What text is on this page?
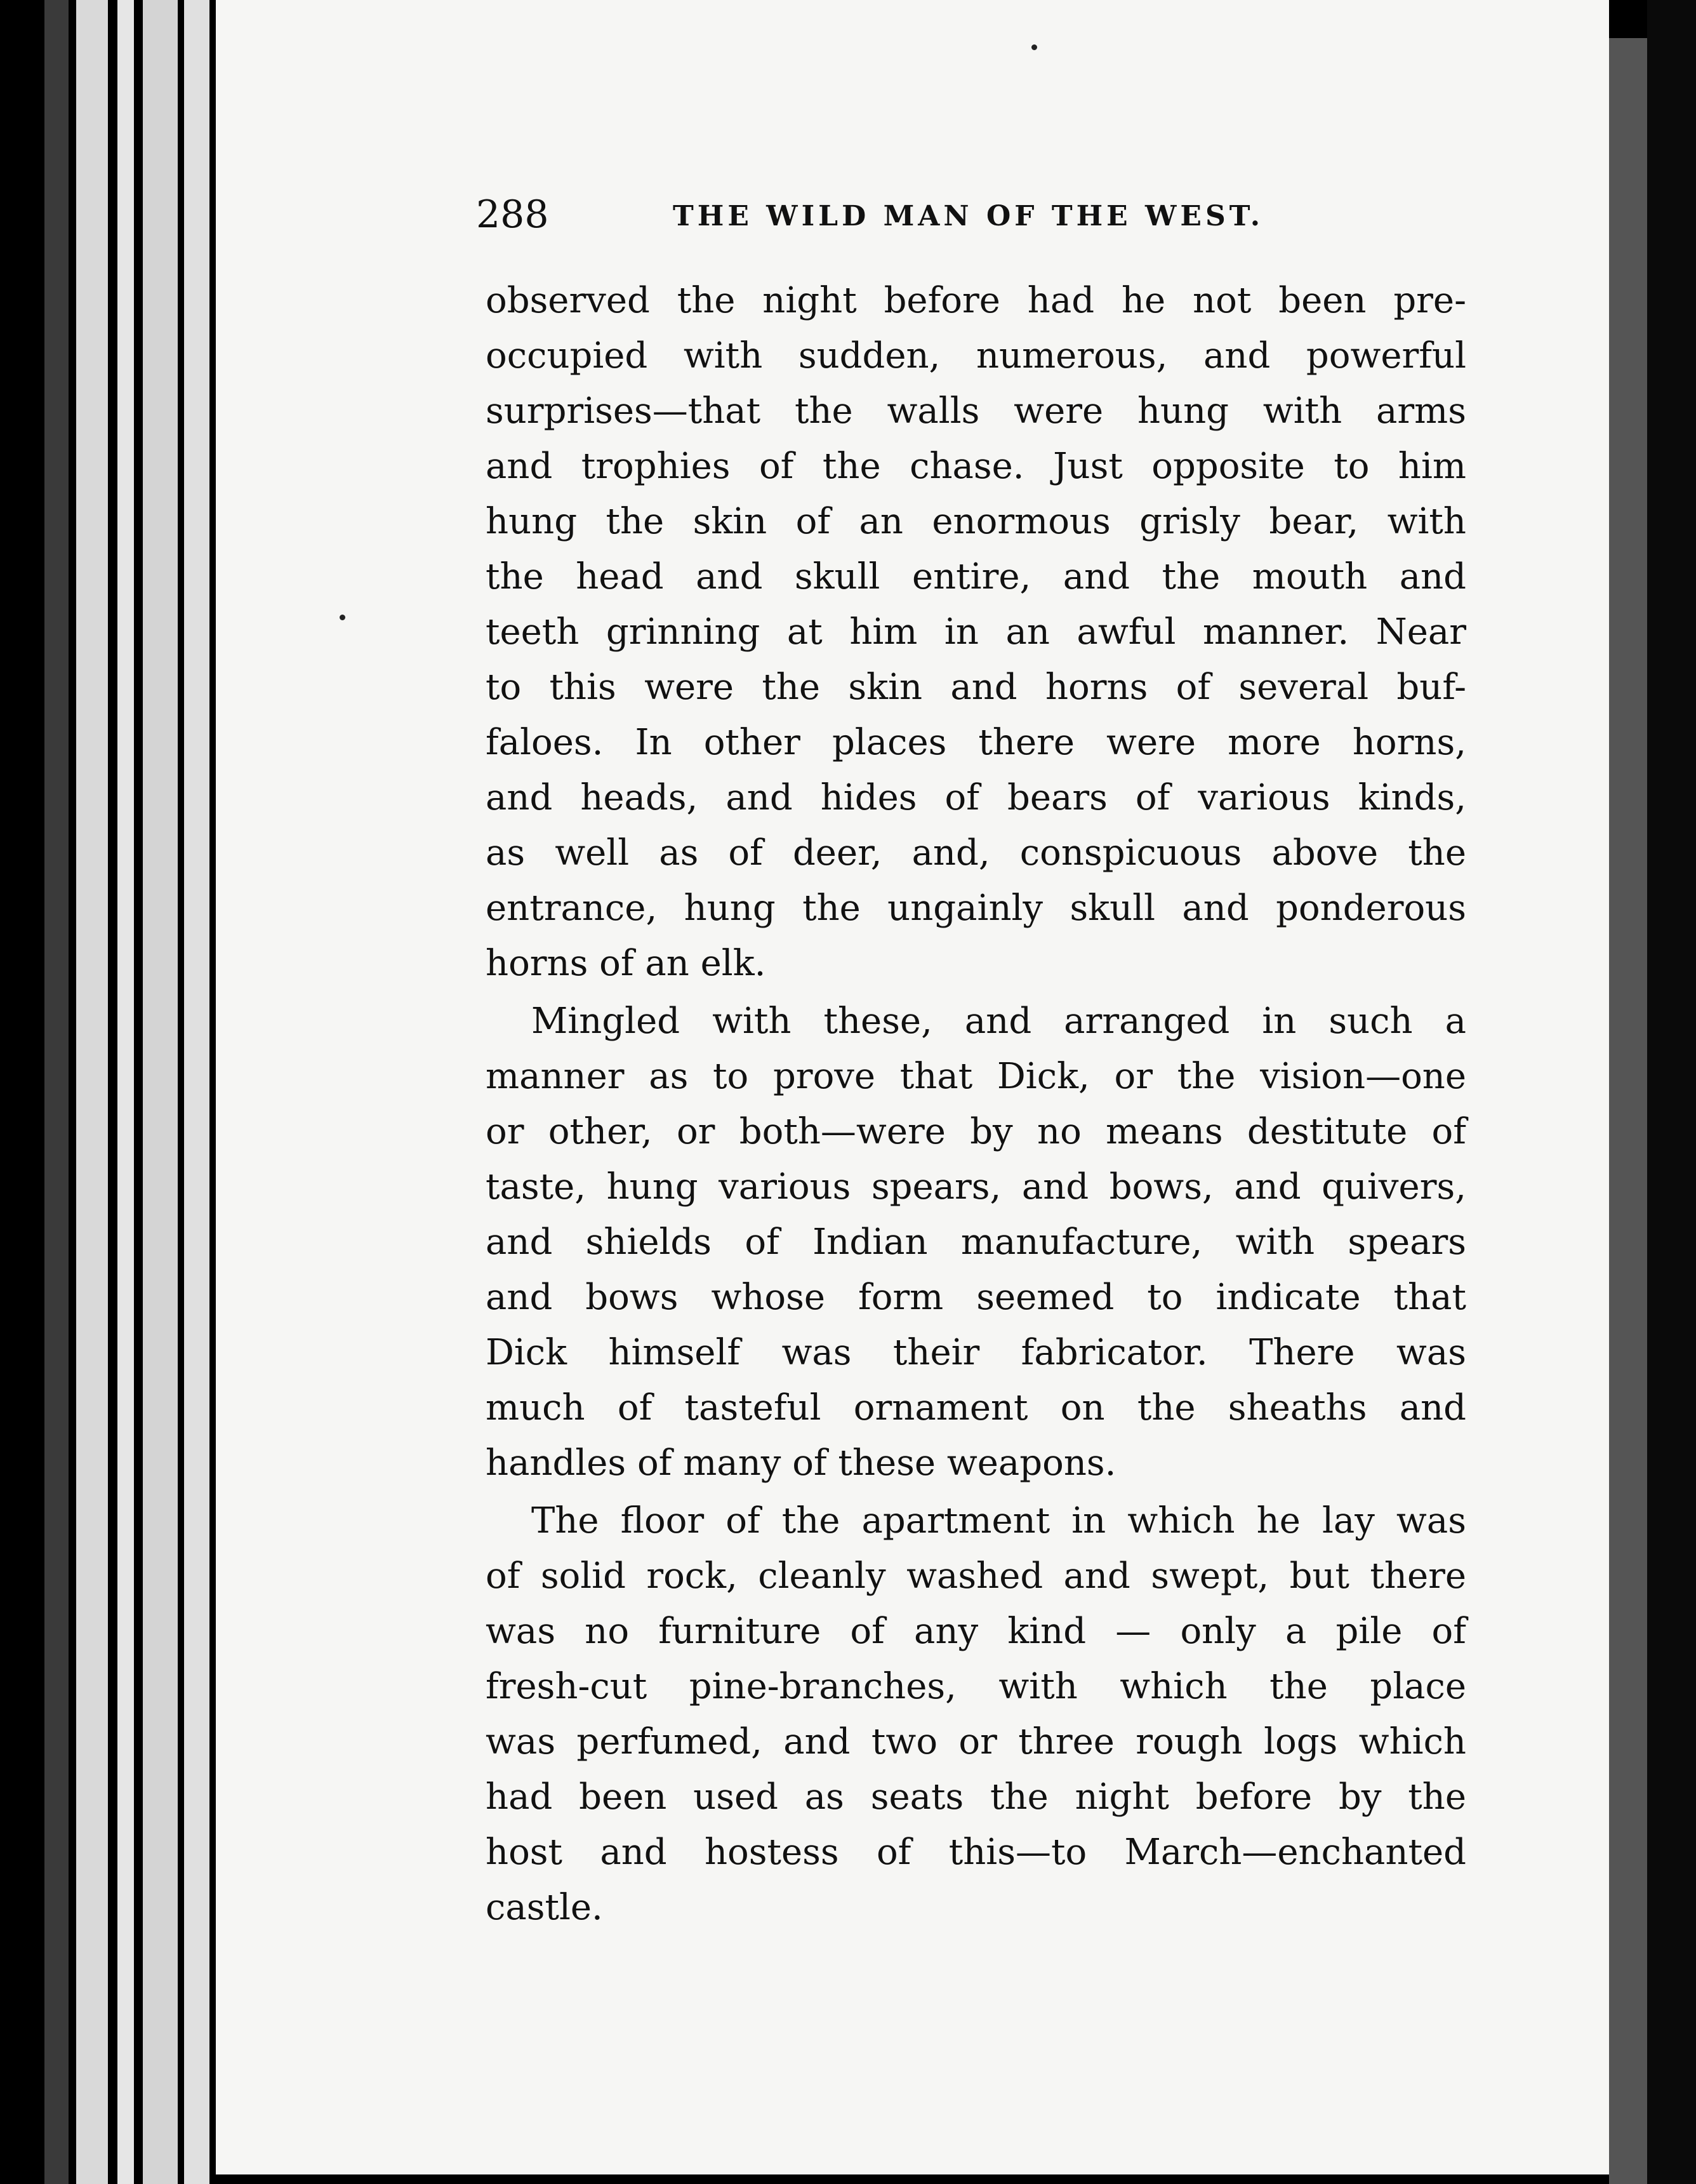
288	THE WILD MAN OF THE WEST.
observed the night before had he not been pre-
occupied with sudden, numerous, and powerful
surprises—that the walls were hung with arms
and trophies of the chase. Just opposite to him
hung the skin of an enormous grisly bear, with
the head and skull entire, and the mouth and
teeth grinning at him in an awful manner. Near
to this were the skin and horns of several buf-
faloes. In other places there were more horns,
and heads, and hides of bears of various kinds,
as well as of deer, and, conspicuous above the
entrance, hung the ungainly skull and ponderous
horns of an elk.
Mingled with these, and arranged in such a
manner as to prove that Dick, or the vision—one
or other, or both—were by no means destitute of
taste, hung various spears, and bows, and quivers,
and shields of Indian manufacture, with spears
and bows whose form seemed to indicate that
Dick himself was their fabricator. There was
much of tasteful ornament on the sheaths and
handles of many of these weapons.
The floor of the apartment in which he lay was
of solid rock, cleanly washed and swept, but there
was no furniture of any kind — only a pile of
fresh-cut pine-branches, with which the place
was perfumed, and two or three rough logs which
had been used as seats the night before by the
host and hostess of this—to March—enchanted
castle.
